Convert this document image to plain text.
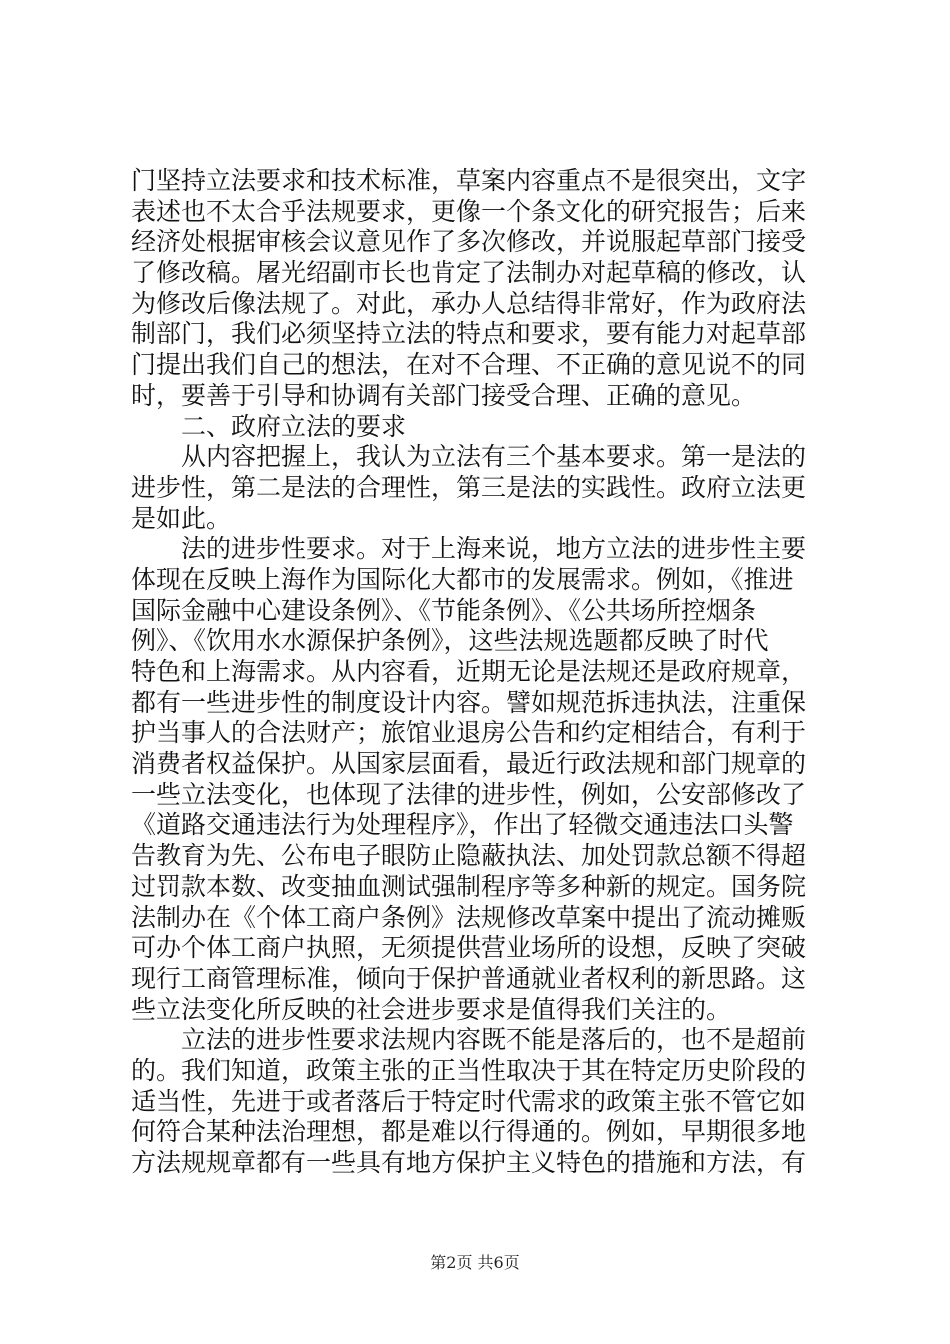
门坚持立法要求和技术标准，草案内容重点不是很突出，文字
表述也不太合乎法规要求，更像一个条文化的研究报告；后来
经济处根据审核会议意见作了多次修改，并说服起草部门接受
了修改稿。屠光绍副市长也肯定了法制办对起草稿的修改，认
为修改后像法规了。对此，承办人总结得非常好，作为政府法
制部门，我们必须坚持立法的特点和要求，要有能力对起草部
门提出我们自己的想法，在对不合理、不正确的意见说不的同
时，要善于引导和协调有关部门接受合理、正确的意见。
二、政府立法的要求
从内容把握上，我认为立法有三个基本要求。第一是法的
进步性，第二是法的合理性，第三是法的实践性。政府立法更
是如此。
法的进步性要求。对于上海来说，地方立法的进步性主要
体现在反映上海作为国际化大都市的发展需求。例如，《推进
国际金融中心建设条例》、《节能条例》、《公共场所控烟条
例》、《饮用水水源保护条例》，这些法规选题都反映了时代
特色和上海需求。从内容看，近期无论是法规还是政府规章，
都有一些进步性的制度设计内容。譬如规范拆违执法，注重保
护当事人的合法财产；旅馆业退房公告和约定相结合，有利于
消费者权益保护。从国家层面看，最近行政法规和部门规章的
一些立法变化，也体现了法律的进步性，例如，公安部修改了
《道路交通违法行为处理程序》，作出了轻微交通违法口头警
告教育为先、公布电子眼防止隐蔽执法、加处罚款总额不得超
过罚款本数、改变抽血测试强制程序等多种新的规定。国务院
法制办在《个体工商户条例》法规修改草案中提出了流动摊贩
可办个体工商户执照，无须提供营业场所的设想，反映了突破
现行工商管理标准，倾向于保护普通就业者权利的新思路。这
些立法变化所反映的社会进步要求是值得我们关注的。
立法的进步性要求法规内容既不能是落后的，也不是超前
的。我们知道，政策主张的正当性取决于其在特定历史阶段的
适当性，先进于或者落后于特定时代需求的政策主张不管它如
何符合某种法治理想，都是难以行得通的。例如，早期很多地
方法规规章都有一些具有地方保护主义特色的措施和方法，有
第2页 共6页
